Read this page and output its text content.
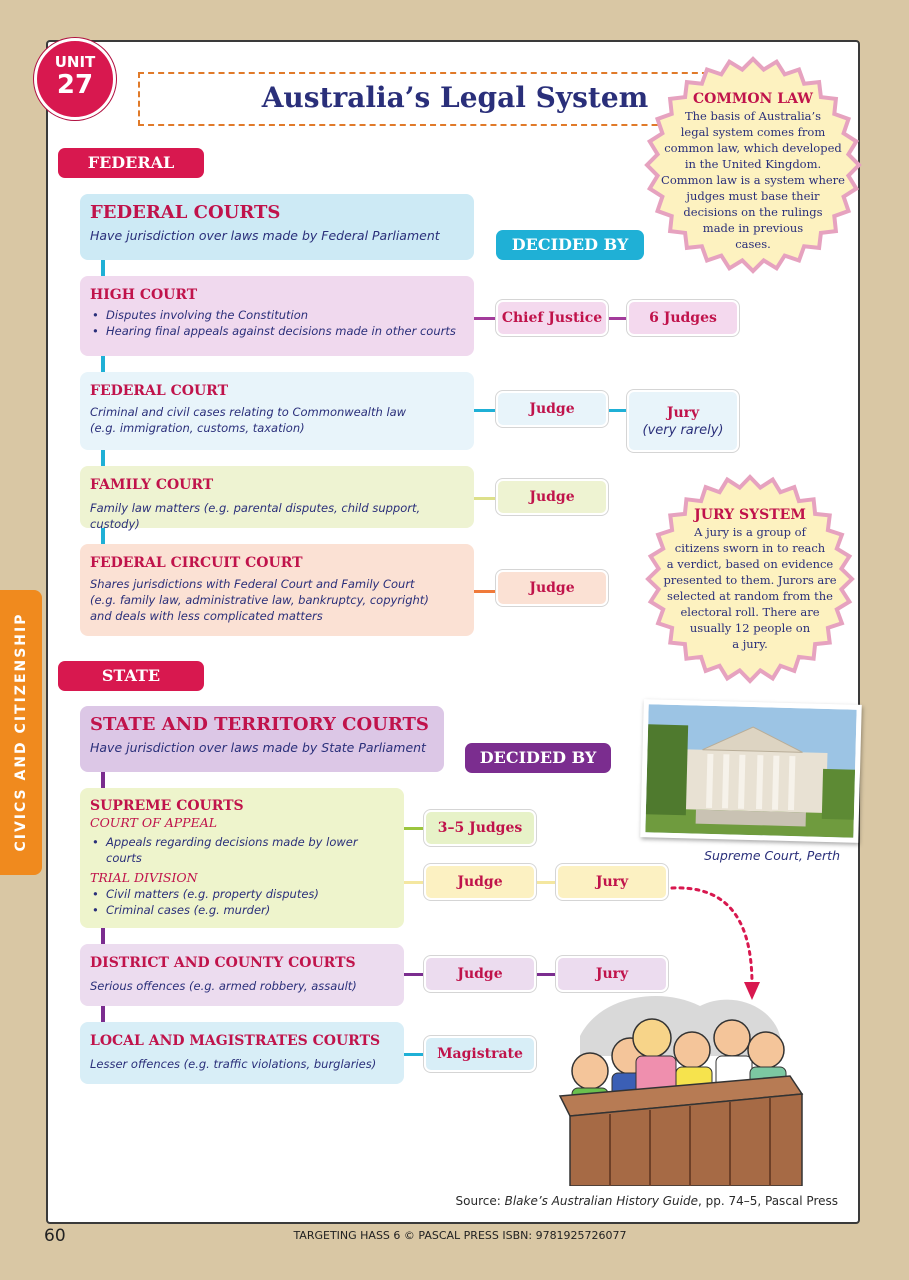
UNIT
27	Australia’s Legal System
CIVICS AND CITIZENSHIP
FEDERAL
DECIDED BY
FEDERAL COURTS
Have jurisdiction over laws made by Federal Parliament
HIGH COURT
• Disputes involving the Constitution
• Hearing final appeals against decisions made in other courts
FEDERAL COURT
Criminal and civil cases relating to Commonwealth law
(e.g. immigration, customs, taxation)
FAMILY COURT
Family law matters (e.g. parental disputes, child support, custody)
FEDERAL CIRCUIT COURT
Shares jurisdictions with Federal Court and Family Court
(e.g. family law, administrative law, bankruptcy, copyright)
and deals with less complicated matters
Chief Justice	6 Judges
Judge	Jury
(very rarely)
Judge
Judge
STATE
DECIDED BY
STATE AND TERRITORY COURTS
Have jurisdiction over laws made by State Parliament
SUPREME COURTS
COURT OF APPEAL
• Appeals regarding decisions made by lower courts
TRIAL DIVISION
• Civil matters (e.g. property disputes)
• Criminal cases (e.g. murder)
DISTRICT AND COUNTY COURTS
Serious offences (e.g. armed robbery, assault)
LOCAL AND MAGISTRATES COURTS
Lesser offences (e.g. traffic violations, burglaries)
3–5 Judges
Judge	Jury
Judge	Jury
Magistrate
COMMON LAW
The basis of Australia’s
legal system comes from
common law, which developed
in the United Kingdom.
Common law is a system where
judges must base their
decisions on the rulings
made in previous
cases.
JURY SYSTEM
A jury is a group of
citizens sworn in to reach
a verdict, based on evidence
presented to them. Jurors are
selected at random from the
electoral roll. There are
usually 12 people on
a jury.
Supreme Court, Perth
Source: Blake’s Australian History Guide, pp. 74–5, Pascal Press
60	TARGETING HASS 6 © PASCAL PRESS ISBN: 9781925726077
